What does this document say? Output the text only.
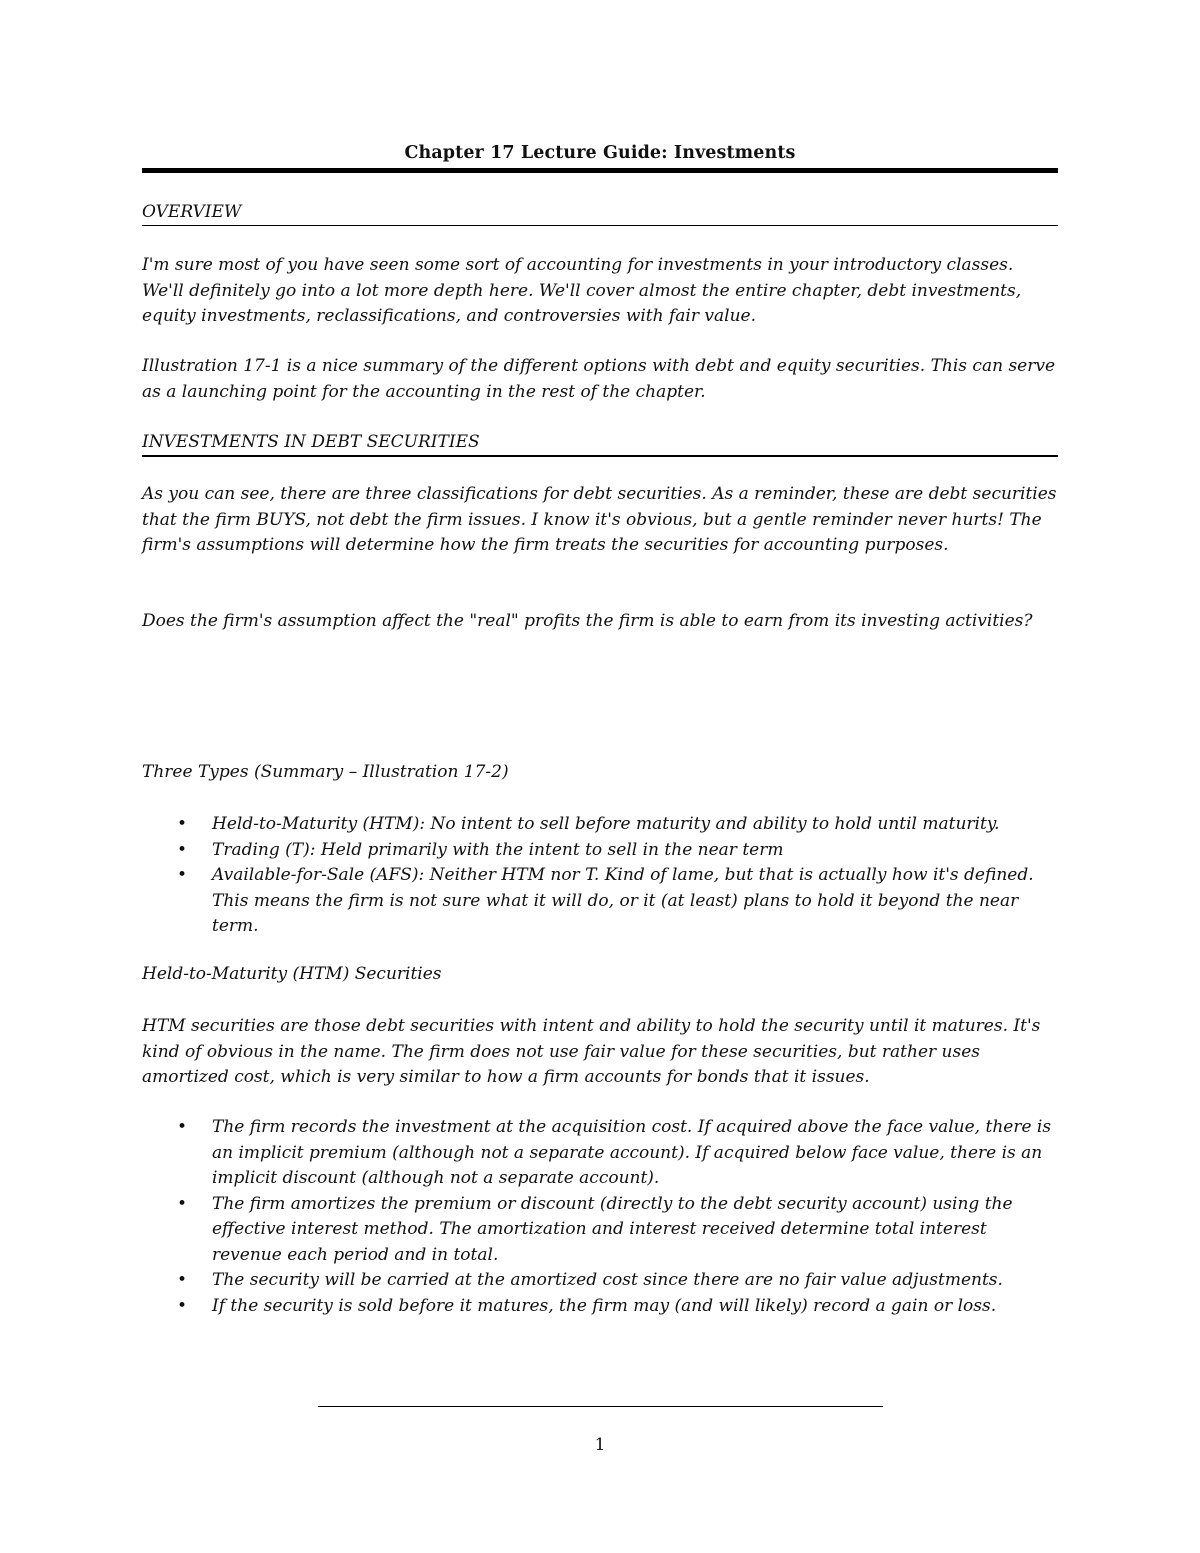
Chapter 17 Lecture Guide: Investments
OVERVIEW

I'm sure most of you have seen some sort of accounting for investments in your introductory classes. We'll definitely go into a lot more depth here. We'll cover almost the entire chapter, debt investments, equity investments, reclassifications, and controversies with fair value.

Illustration 17-1 is a nice summary of the different options with debt and equity securities. This can serve as a launching point for the accounting in the rest of the chapter.

INVESTMENTS IN DEBT SECURITIES

As you can see, there are three classifications for debt securities. As a reminder, these are debt securities that the firm BUYS, not debt the firm issues. I know it's obvious, but a gentle reminder never hurts! The firm's assumptions will determine how the firm treats the securities for accounting purposes.

Does the firm's assumption affect the "real" profits the firm is able to earn from its investing activities?

Three Types (Summary – Illustration 17-2)
• Held-to-Maturity (HTM): No intent to sell before maturity and ability to hold until maturity.
• Trading (T): Held primarily with the intent to sell in the near term
• Available-for-Sale (AFS): Neither HTM nor T. Kind of lame, but that is actually how it's defined. This means the firm is not sure what it will do, or it (at least) plans to hold it beyond the near term.
Held-to-Maturity (HTM) Securities

HTM securities are those debt securities with intent and ability to hold the security until it matures. It's kind of obvious in the name. The firm does not use fair value for these securities, but rather uses amortized cost, which is very similar to how a firm accounts for bonds that it issues.

• The firm records the investment at the acquisition cost. If acquired above the face value, there is an implicit premium (although not a separate account). If acquired below face value, there is an implicit discount (although not a separate account).
• The firm amortizes the premium or discount (directly to the debt security account) using the effective interest method. The amortization and interest received determine total interest revenue each period and in total.
• The security will be carried at the amortized cost since there are no fair value adjustments.
• If the security is sold before it matures, the firm may (and will likely) record a gain or loss.
1
